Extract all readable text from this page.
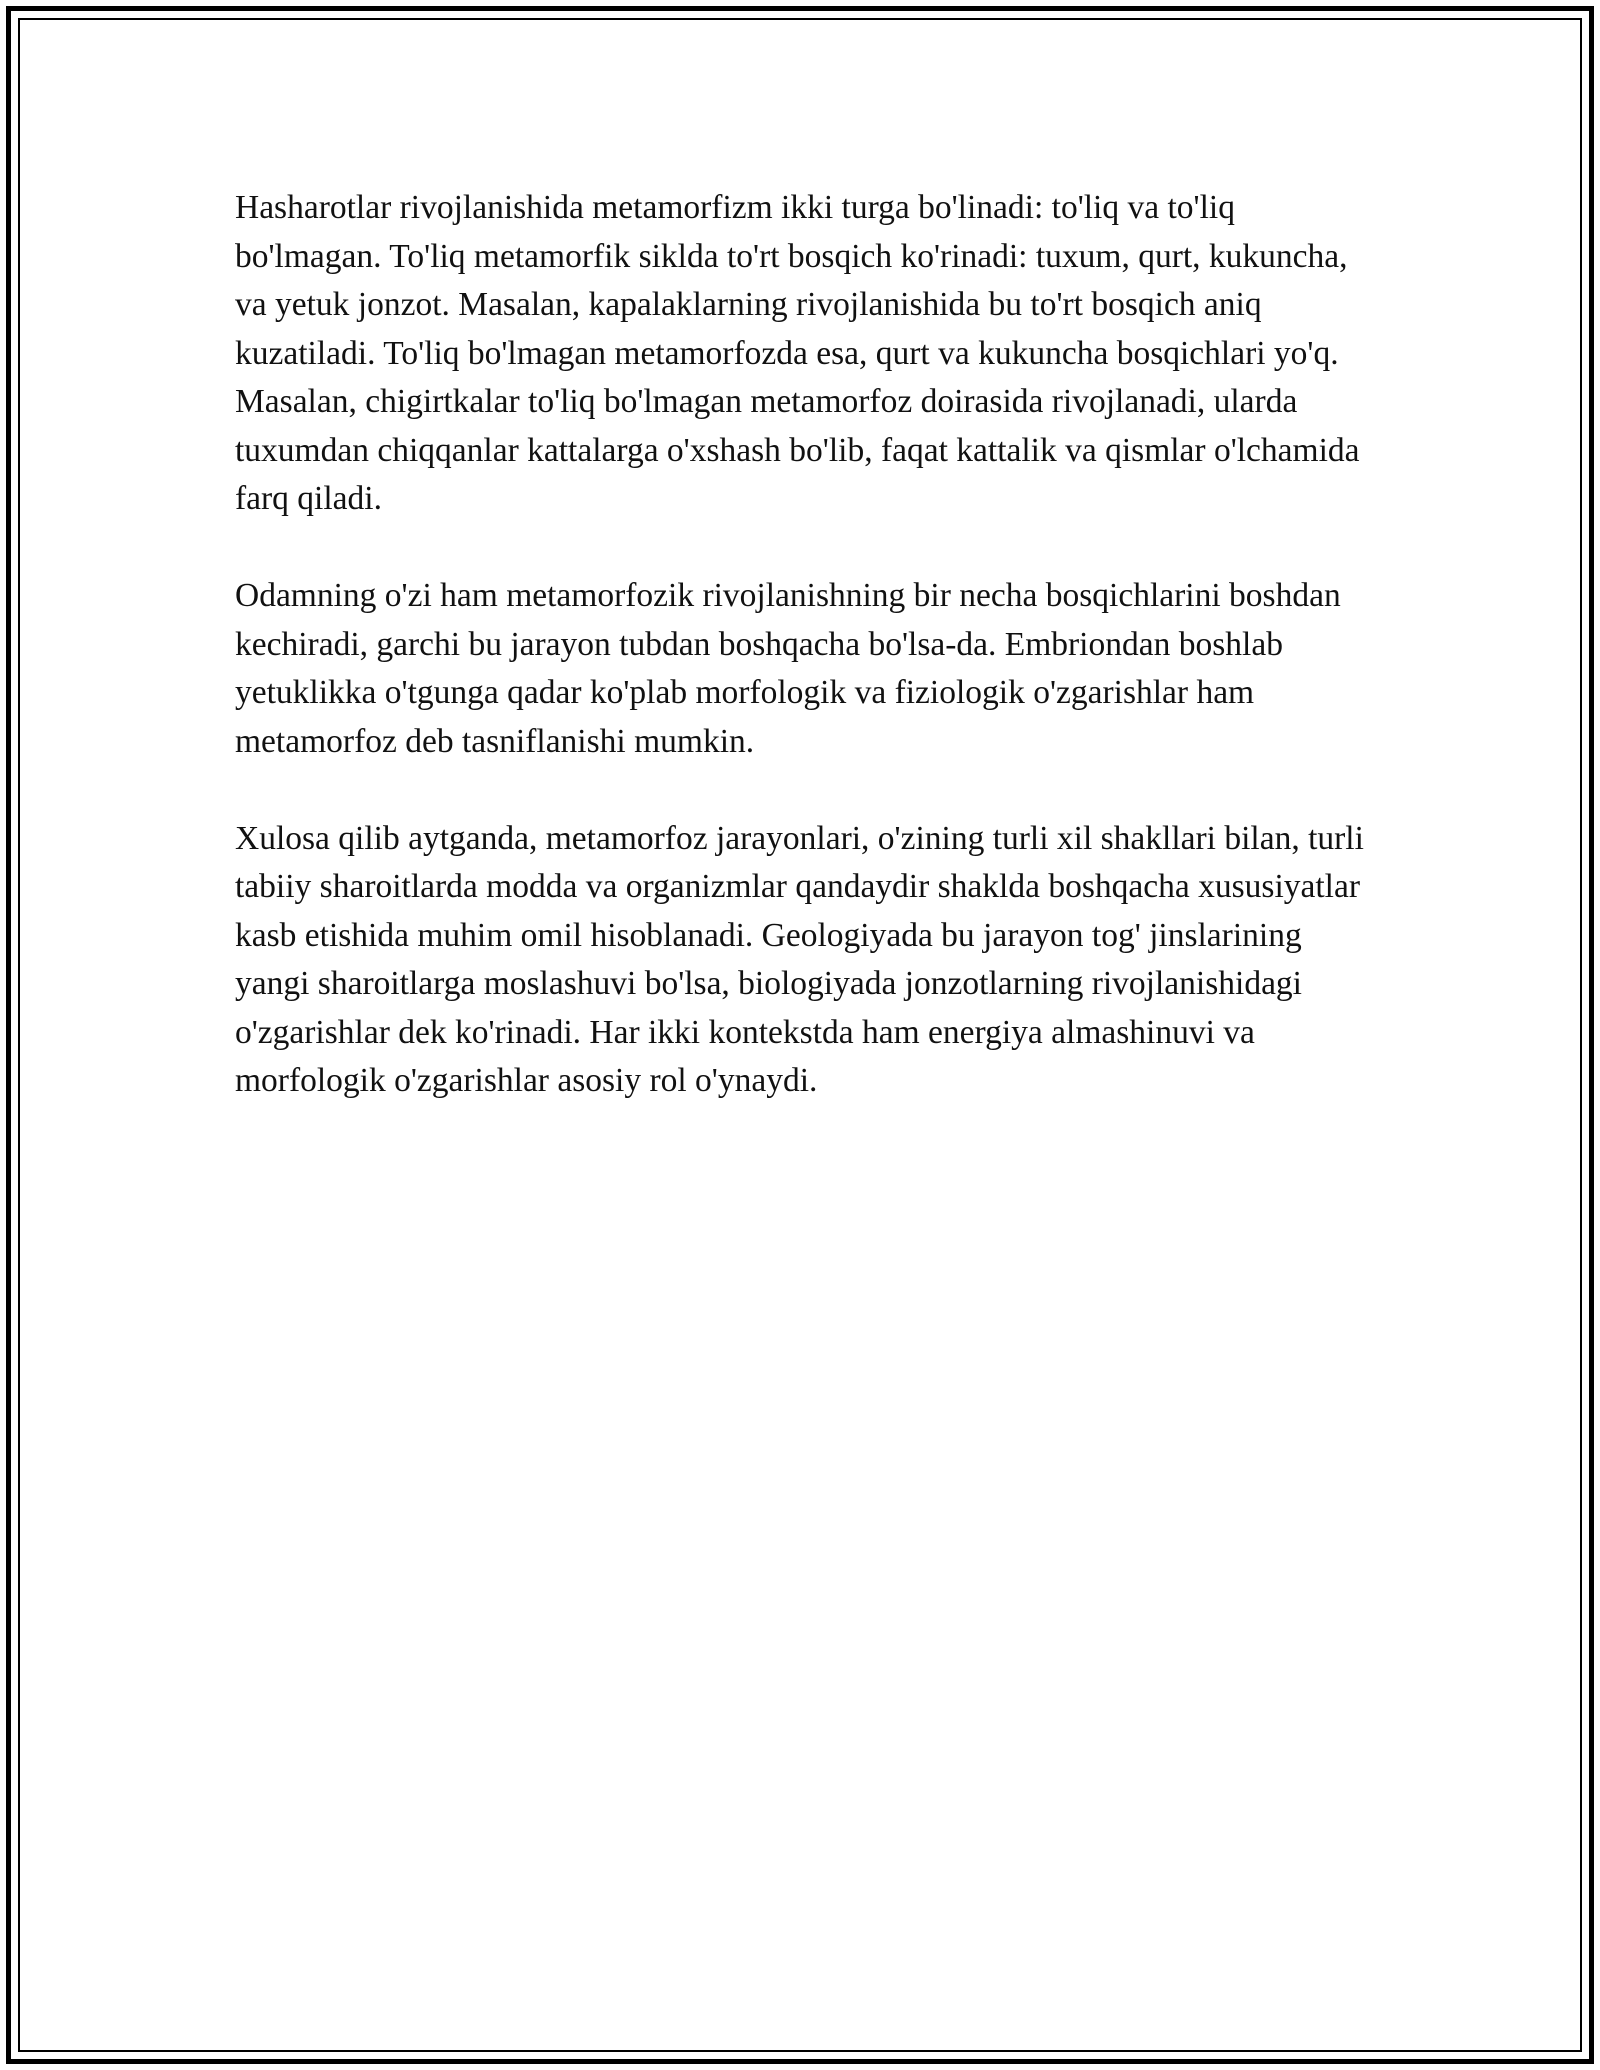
Hasharotlar rivojlanishida metamorfizm ikki turga bo'linadi: to'liq va to'liq bo'lmagan. To'liq metamorfik siklda to'rt bosqich ko'rinadi: tuxum, qurt, kukuncha, va yetuk jonzot. Masalan, kapalaklarning rivojlanishida bu to'rt bosqich aniq kuzatiladi. To'liq bo'lmagan metamorfozda esa, qurt va kukuncha bosqichlari yo'q. Masalan, chigirtkalar to'liq bo'lmagan metamorfoz doirasida rivojlanadi, ularda tuxumdan chiqqanlar kattalarga o'xshash bo'lib, faqat kattalik va qismlar o'lchamida farq qiladi.

Odamning o'zi ham metamorfozik rivojlanishning bir necha bosqichlarini boshdan kechiradi, garchi bu jarayon tubdan boshqacha bo'lsa-da. Embriondan boshlab yetuklikka o'tgunga qadar ko'plab morfologik va fiziologik o'zgarishlar ham metamorfoz deb tasniflanishi mumkin.

Xulosa qilib aytganda, metamorfoz jarayonlari, o'zining turli xil shakllari bilan, turli tabiiy sharoitlarda modda va organizmlar qandaydir shaklda boshqacha xususiyatlar kasb etishida muhim omil hisoblanadi. Geologiyada bu jarayon tog' jinslarining yangi sharoitlarga moslashuvi bo'lsa, biologiyada jonzotlarning rivojlanishidagi o'zgarishlar dek ko'rinadi. Har ikki kontekstda ham energiya almashinuvi va morfologik o'zgarishlar asosiy rol o'ynaydi.
